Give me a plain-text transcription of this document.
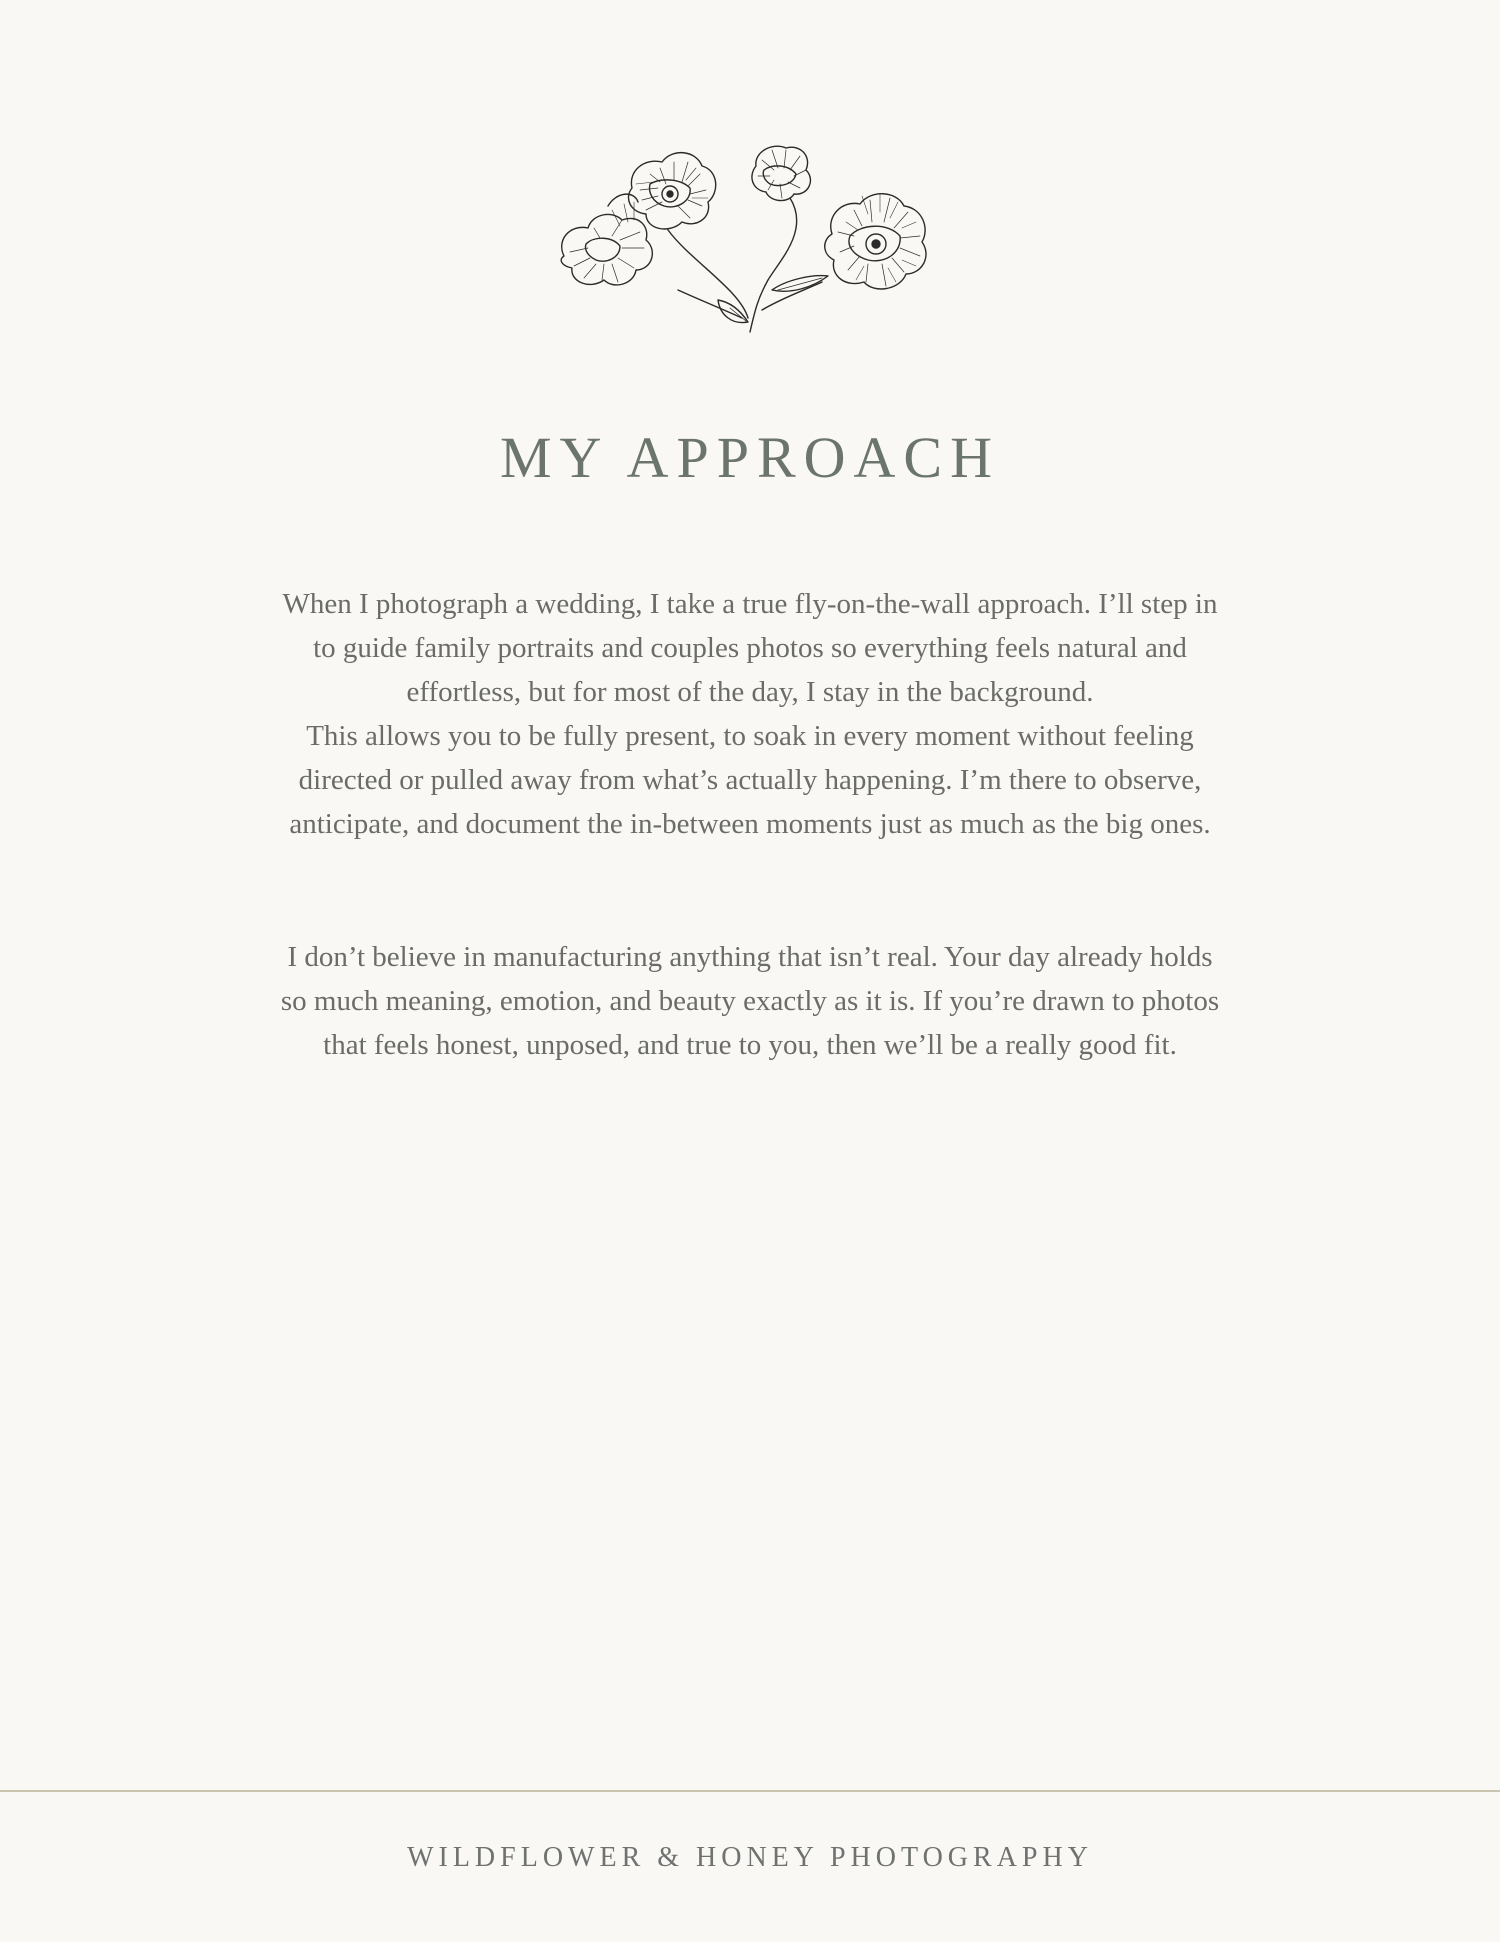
MY APPROACH

When I photograph a wedding, I take a true fly-on-the-wall approach. I’ll step in

to guide family portraits and couples photos so everything feels natural and

effortless, but for most of the day, I stay in the background.

This allows you to be fully present, to soak in every moment without feeling

directed or pulled away from what’s actually happening. I’m there to observe,

anticipate, and document the in-between moments just as much as the big ones.

I don’t believe in manufacturing anything that isn’t real. Your day already holds

so much meaning, emotion, and beauty exactly as it is. If you’re drawn to photos

that feels honest, unposed, and true to you, then we’ll be a really good fit.

WILDFLOWER & HONEY PHOTOGRAPHY
